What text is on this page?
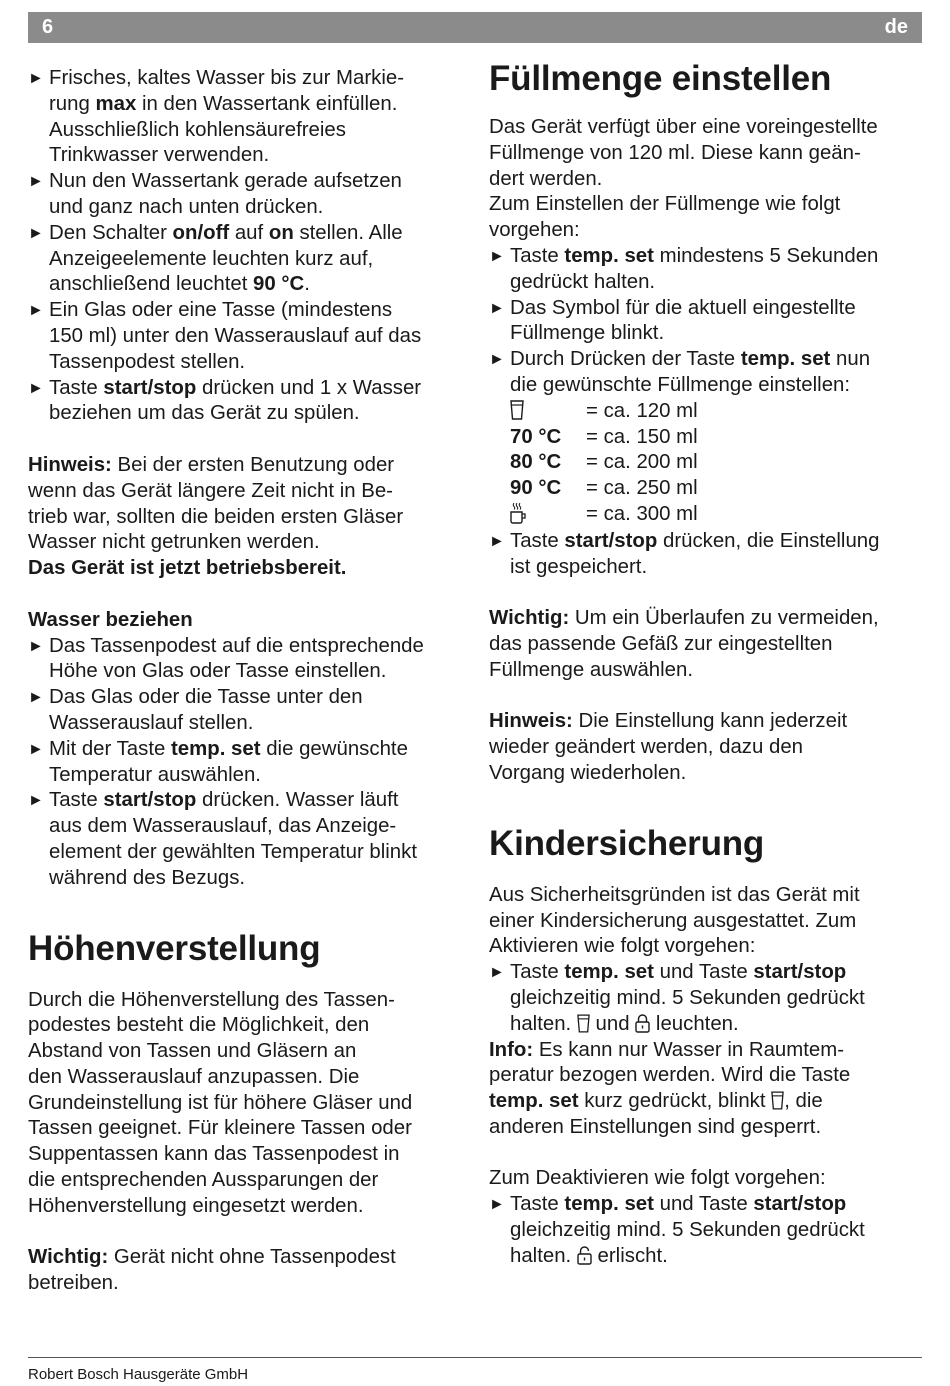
6	de
► Frisches, kaltes Wasser bis zur Markie-
rung max in den Wassertank einfüllen.
Ausschließlich kohlensäurefreies
Trinkwasser verwenden.
► Nun den Wassertank gerade aufsetzen
und ganz nach unten drücken.
► Den Schalter on/off auf on stellen. Alle
Anzeigeelemente leuchten kurz auf,
anschließend leuchtet 90 °C.
► Ein Glas oder eine Tasse (mindestens
150 ml) unter den Wasserauslauf auf das
Tassenpodest stellen.
► Taste start/stop drücken und 1 x Wasser
beziehen um das Gerät zu spülen.

Hinweis: Bei der ersten Benutzung oder
wenn das Gerät längere Zeit nicht in Be-
trieb war, sollten die beiden ersten Gläser
Wasser nicht getrunken werden.
Das Gerät ist jetzt betriebsbereit.

Wasser beziehen

► Das Tassenpodest auf die entsprechende
Höhe von Glas oder Tasse einstellen.
► Das Glas oder die Tasse unter den
Wasserauslauf stellen.
► Mit der Taste temp. set die gewünschte
Temperatur auswählen.
► Taste start/stop drücken. Wasser läuft
aus dem Wasserauslauf, das Anzeige-
element der gewählten Temperatur blinkt
während des Bezugs.
Höhenverstellung

Durch die Höhenverstellung des Tassen-
podestes besteht die Möglichkeit, den
Abstand von Tassen und Gläsern an
den Wasserauslauf anzupassen. Die
Grundeinstellung ist für höhere Gläser und
Tassen geeignet. Für kleinere Tassen oder
Suppentassen kann das Tassenpodest in
die entsprechenden Aussparungen der
Höhenverstellung eingesetzt werden.

Wichtig: Gerät nicht ohne Tassenpodest
betreiben.

Füllmenge einstellen

Das Gerät verfügt über eine voreingestellte
Füllmenge von 120 ml. Diese kann geän-
dert werden.
Zum Einstellen der Füllmenge wie folgt
vorgehen:

► Taste temp. set mindestens 5 Sekunden
gedrückt halten.
► Das Symbol für die aktuell eingestellte
Füllmenge blinkt.
► Durch Drücken der Taste temp. set nun
die gewünschte Füllmenge einstellen:
= ca. 120 ml
70 °C	= ca. 150 ml
80 °C	= ca. 200 ml
90 °C	= ca. 250 ml
= ca. 300 ml
► Taste start/stop drücken, die Einstellung
ist gespeichert.

Wichtig: Um ein Überlaufen zu vermeiden,
das passende Gefäß zur eingestellten
Füllmenge auswählen.

Hinweis: Die Einstellung kann jederzeit
wieder geändert werden, dazu den
Vorgang wiederholen.

Kindersicherung

Aus Sicherheitsgründen ist das Gerät mit
einer Kindersicherung ausgestattet. Zum
Aktivieren wie folgt vorgehen:

► Taste temp. set und Taste start/stop
gleichzeitig mind. 5 Sekunden gedrückt
halten.  und  leuchten.

Info: Es kann nur Wasser in Raumtem-
peratur bezogen werden. Wird die Taste
temp. set kurz gedrückt, blinkt , die
anderen Einstellungen sind gesperrt.

Zum Deaktivieren wie folgt vorgehen:

► Taste temp. set und Taste start/stop
gleichzeitig mind. 5 Sekunden gedrückt
halten.  erlischt.
Robert Bosch Hausgeräte GmbH
